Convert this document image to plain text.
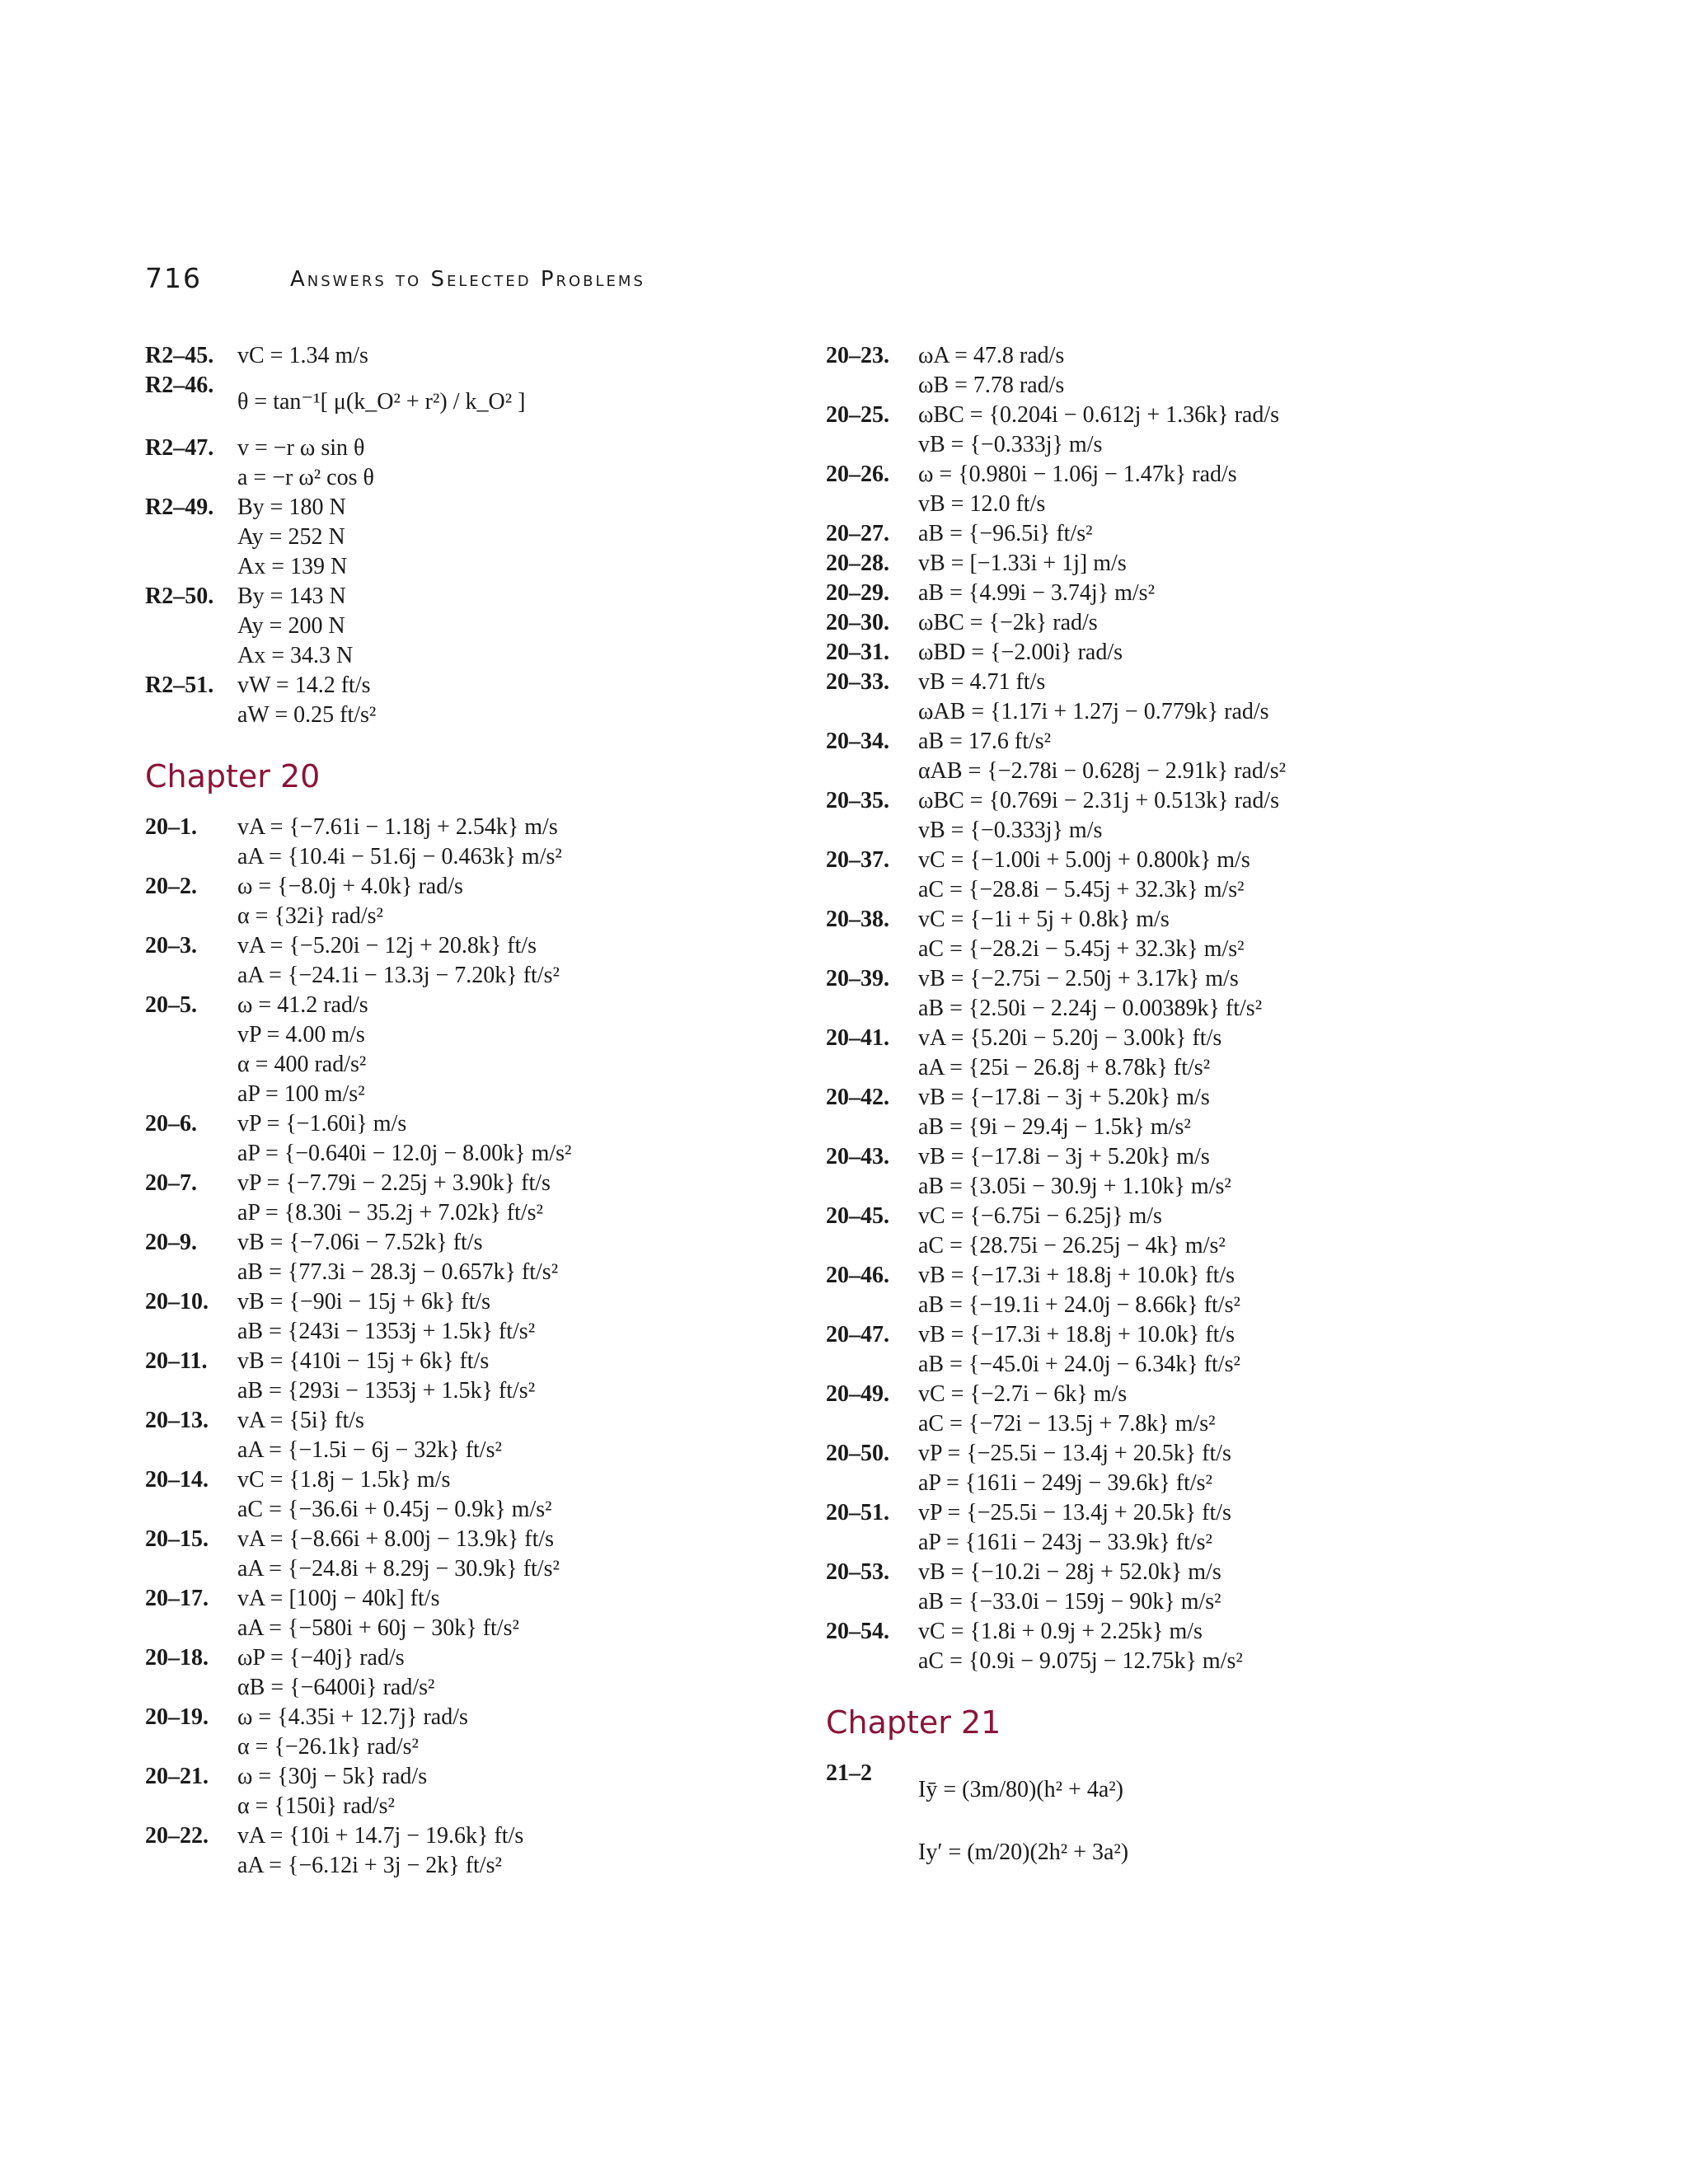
716	Answers to Selected Problems
R2–45.	vC = 1.34 m/s
R2–46.
θ = tan⁻¹[ μ(k_O² + r²) / k_O² ]
R2–47.	v = −r ω sin θ
a = −r ω² cos θ
R2–49.	By = 180 N
Ay = 252 N
Ax = 139 N
R2–50.	By = 143 N
Ay = 200 N
Ax = 34.3 N
R2–51.	vW = 14.2 ft/s
aW = 0.25 ft/s²
Chapter 20
20–1.	vA = {−7.61i − 1.18j + 2.54k} m/s
aA = {10.4i − 51.6j − 0.463k} m/s²
20–2.	ω = {−8.0j + 4.0k} rad/s
α = {32i} rad/s²
20–3.	vA = {−5.20i − 12j + 20.8k} ft/s
aA = {−24.1i − 13.3j − 7.20k} ft/s²
20–5.	ω = 41.2 rad/s
vP = 4.00 m/s
α = 400 rad/s²
aP = 100 m/s²
20–6.	vP = {−1.60i} m/s
aP = {−0.640i − 12.0j − 8.00k} m/s²
20–7.	vP = {−7.79i − 2.25j + 3.90k} ft/s
aP = {8.30i − 35.2j + 7.02k} ft/s²
20–9.	vB = {−7.06i − 7.52k} ft/s
aB = {77.3i − 28.3j − 0.657k} ft/s²
20–10.	vB = {−90i − 15j + 6k} ft/s
aB = {243i − 1353j + 1.5k} ft/s²
20–11.	vB = {410i − 15j + 6k} ft/s
aB = {293i − 1353j + 1.5k} ft/s²
20–13.	vA = {5i} ft/s
aA = {−1.5i − 6j − 32k} ft/s²
20–14.	vC = {1.8j − 1.5k} m/s
aC = {−36.6i + 0.45j − 0.9k} m/s²
20–15.	vA = {−8.66i + 8.00j − 13.9k} ft/s
aA = {−24.8i + 8.29j − 30.9k} ft/s²
20–17.	vA = [100j − 40k] ft/s
aA = {−580i + 60j − 30k} ft/s²
20–18.	ωP = {−40j} rad/s
αB = {−6400i} rad/s²
20–19.	ω = {4.35i + 12.7j} rad/s
α = {−26.1k} rad/s²
20–21.	ω = {30j − 5k} rad/s
α = {150i} rad/s²
20–22.	vA = {10i + 14.7j − 19.6k} ft/s
aA = {−6.12i + 3j − 2k} ft/s²
20–23.	ωA = 47.8 rad/s
ωB = 7.78 rad/s
20–25.	ωBC = {0.204i − 0.612j + 1.36k} rad/s
vB = {−0.333j} m/s
20–26.	ω = {0.980i − 1.06j − 1.47k} rad/s
vB = 12.0 ft/s
20–27.	aB = {−96.5i} ft/s²
20–28.	vB = [−1.33i + 1j] m/s
20–29.	aB = {4.99i − 3.74j} m/s²
20–30.	ωBC = {−2k} rad/s
20–31.	ωBD = {−2.00i} rad/s
20–33.	vB = 4.71 ft/s
ωAB = {1.17i + 1.27j − 0.779k} rad/s
20–34.	aB = 17.6 ft/s²
αAB = {−2.78i − 0.628j − 2.91k} rad/s²
20–35.	ωBC = {0.769i − 2.31j + 0.513k} rad/s
vB = {−0.333j} m/s
20–37.	vC = {−1.00i + 5.00j + 0.800k} m/s
aC = {−28.8i − 5.45j + 32.3k} m/s²
20–38.	vC = {−1i + 5j + 0.8k} m/s
aC = {−28.2i − 5.45j + 32.3k} m/s²
20–39.	vB = {−2.75i − 2.50j + 3.17k} m/s
aB = {2.50i − 2.24j − 0.00389k} ft/s²
20–41.	vA = {5.20i − 5.20j − 3.00k} ft/s
aA = {25i − 26.8j + 8.78k} ft/s²
20–42.	vB = {−17.8i − 3j + 5.20k} m/s
aB = {9i − 29.4j − 1.5k} m/s²
20–43.	vB = {−17.8i − 3j + 5.20k} m/s
aB = {3.05i − 30.9j + 1.10k} m/s²
20–45.	vC = {−6.75i − 6.25j} m/s
aC = {28.75i − 26.25j − 4k} m/s²
20–46.	vB = {−17.3i + 18.8j + 10.0k} ft/s
aB = {−19.1i + 24.0j − 8.66k} ft/s²
20–47.	vB = {−17.3i + 18.8j + 10.0k} ft/s
aB = {−45.0i + 24.0j − 6.34k} ft/s²
20–49.	vC = {−2.7i − 6k} m/s
aC = {−72i − 13.5j + 7.8k} m/s²
20–50.	vP = {−25.5i − 13.4j + 20.5k} ft/s
aP = {161i − 249j − 39.6k} ft/s²
20–51.	vP = {−25.5i − 13.4j + 20.5k} ft/s
aP = {161i − 243j − 33.9k} ft/s²
20–53.	vB = {−10.2i − 28j + 52.0k} m/s
aB = {−33.0i − 159j − 90k} m/s²
20–54.	vC = {1.8i + 0.9j + 2.25k} m/s
aC = {0.9i − 9.075j − 12.75k} m/s²
Chapter 21
21–2
Iȳ = (3m/80)(h² + 4a²)
Iy′ = (m/20)(2h² + 3a²)
